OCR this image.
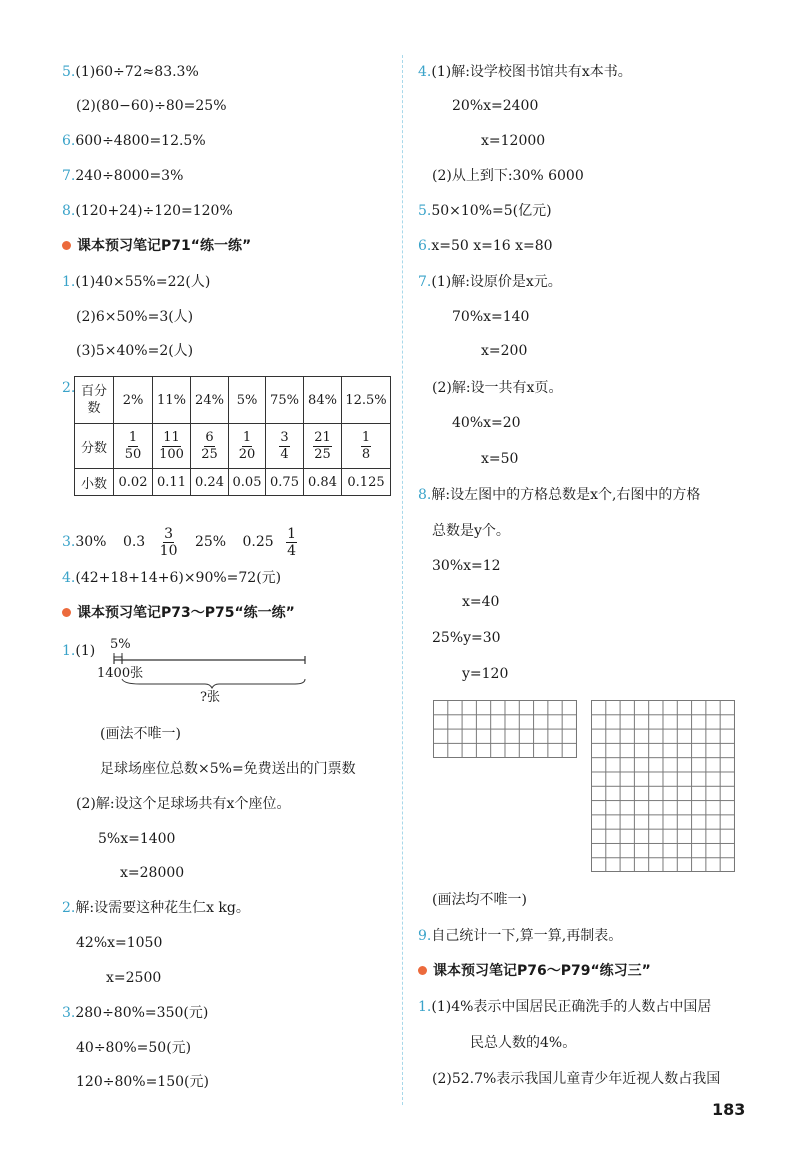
5.(1)60÷72≈83.3%
(2)(80−60)÷80=25%
6.600÷4800=12.5%
7.240÷8000=3%
8.(120+24)÷120=120%
课本预习笔记P71“练一练”
1.(1)40×55%=22(人)
(2)6×50%=3(人)
(3)5×40%=2(人)
2. 百分
数	2%	11%	24%	5%	75%	84%	12.5%
分数	$\frac{1}{50}$	$\frac{11}{100}$	$\frac{6}{25}$	$\frac{1}{20}$	$\frac{3}{4}$	$\frac{21}{25}$	$\frac{1}{8}$

小数	0.02	0.11	0.24	0.05	0.75	0.84	0.125
3.30% $0.3 \frac{3}{10} 25\%$ $0.25 \frac{1}{4}$
4.(42+18+14+6)×90%=72(元)
课本预习笔记P73～P75“练一练”
1.(1) 5%
1400张
?张
(画法不唯一)
足球场座位总数×5%=免费送出的门票数
(2)解:设这个足球场共有x个座位。
5%x=1400
x=28000
2.解:设需要这种花生仁x kg。
42%x=1050
x=2500
3.280÷80%=350(元)
40÷80%=50(元)
120÷80%=150(元)
4.(1)解:设学校图书馆共有x本书。
20%x=2400
x=12000
(2)从上到下:30% 6000
5.50×10%=5(亿元)
6.x=50 x=16 x=80
7.(1)解:设原价是x元。
70%x=140
x=200
(2)解:设一共有x页。
40%x=20
x=50
8.解:设左图中的方格总数是x个,右图中的方格
总数是y个。
30%x=12
x=40
25%y=30
y=120
(画法均不唯一)
9.自己统计一下,算一算,再制表。
课本预习笔记P76～P79“练习三”
1.(1)4%表示中国居民正确洗手的人数占中国居
民总人数的4%。
(2)52.7%表示我国儿童青少年近视人数占我国
183
